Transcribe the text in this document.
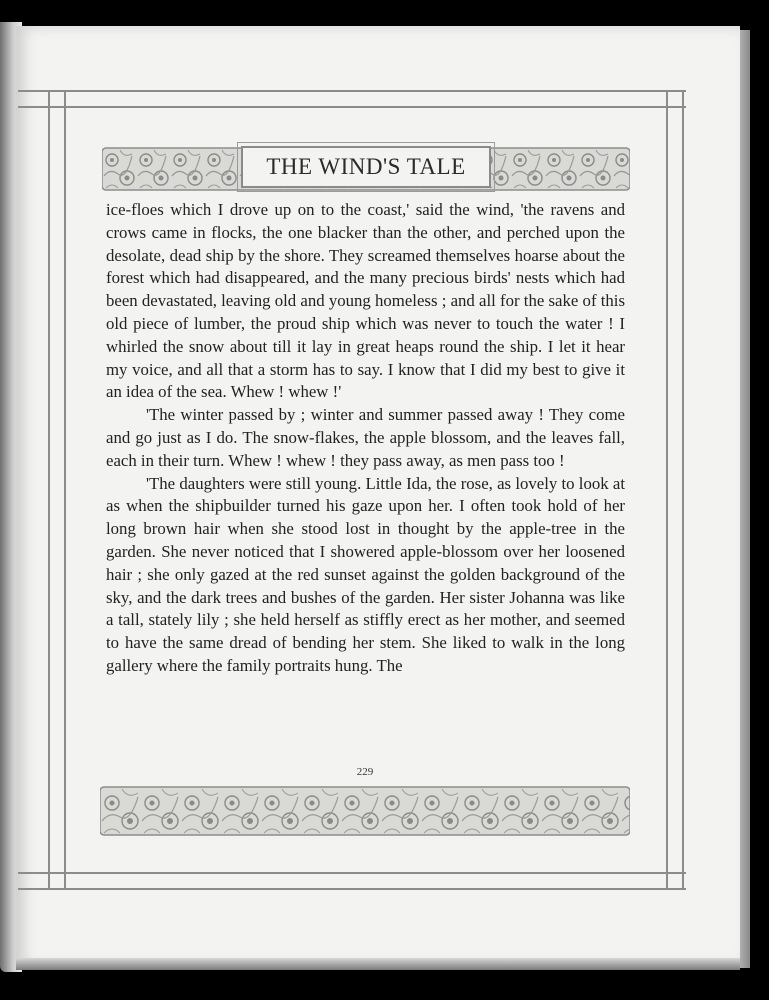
THE WIND'S TALE

ice-floes which I drove up on to the coast,' said the wind, 'the ravens and crows came in flocks, the one blacker than the other, and perched upon the desolate, dead ship by the shore. They screamed themselves hoarse about the forest which had disappeared, and the many precious birds' nests which had been devastated, leaving old and young homeless ; and all for the sake of this old piece of lumber, the proud ship which was never to touch the water ! I whirled the snow about till it lay in great heaps round the ship. I let it hear my voice, and all that a storm has to say. I know that I did my best to give it an idea of the sea. Whew ! whew !'

'The winter passed by ; winter and summer passed away ! They come and go just as I do. The snow-flakes, the apple blossom, and the leaves fall, each in their turn. Whew ! whew ! they pass away, as men pass too !

'The daughters were still young. Little Ida, the rose, as lovely to look at as when the shipbuilder turned his gaze upon her. I often took hold of her long brown hair when she stood lost in thought by the apple-tree in the garden. She never noticed that I showered apple-blossom over her loosened hair ; she only gazed at the red sunset against the golden background of the sky, and the dark trees and bushes of the garden. Her sister Johanna was like a tall, stately lily ; she held herself as stiffly erect as her mother, and seemed to have the same dread of bending her stem. She liked to walk in the long gallery where the family portraits hung. The

229
